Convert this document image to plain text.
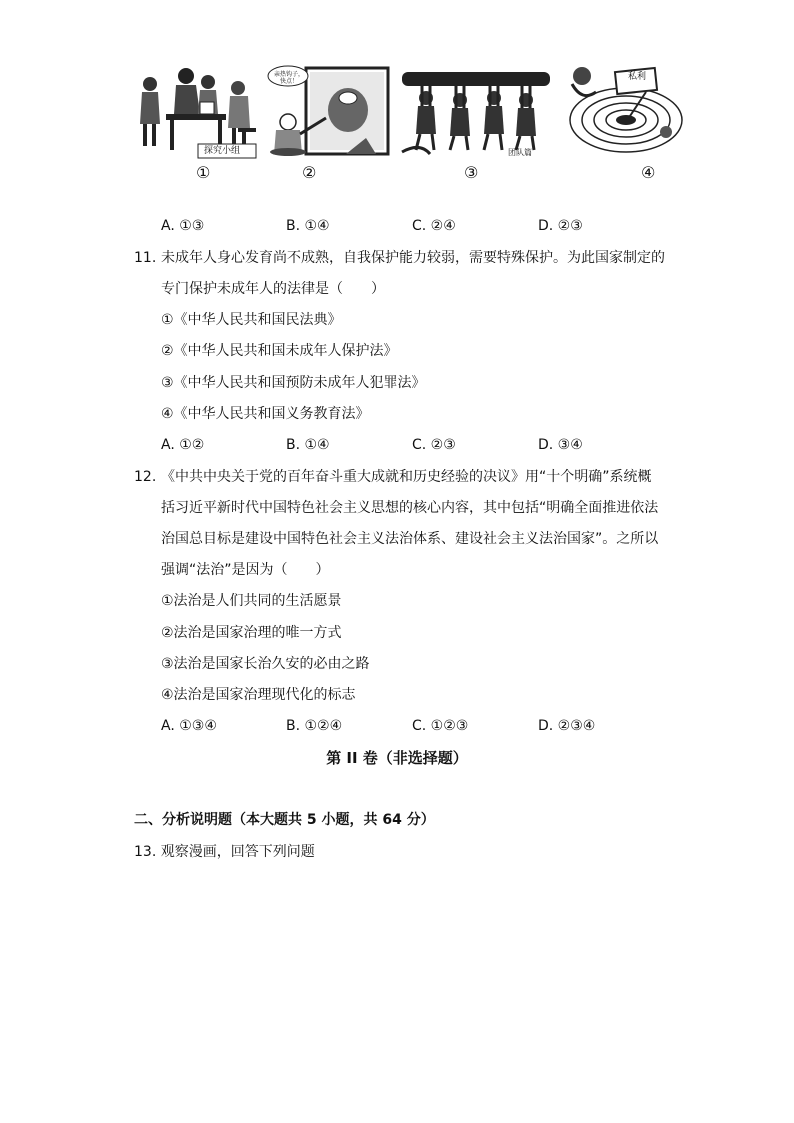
探究小组
亲热钩子，快点！
团队篇
私利
①	②	③	④
A. ①③	B. ①④	C. ②④	D. ②③
11. 未成年人身心发育尚不成熟，自我保护能力较弱，需要特殊保护。为此国家制定的
专门保护未成年人的法律是（　　）
①《中华人民共和国民法典》
②《中华人民共和国未成年人保护法》
③《中华人民共和国预防未成年人犯罪法》
④《中华人民共和国义务教育法》
A. ①②	B. ①④	C. ②③	D. ③④
12. 《中共中央关于党的百年奋斗重大成就和历史经验的决议》用“十个明确”系统概
括习近平新时代中国特色社会主义思想的核心内容，其中包括“明确全面推进依法
治国总目标是建设中国特色社会主义法治体系、建设社会主义法治国家”。之所以
强调“法治”是因为（　　）
①法治是人们共同的生活愿景
②法治是国家治理的唯一方式
③法治是国家长治久安的必由之路
④法治是国家治理现代化的标志
A. ①③④	B. ①②④	C. ①②③	D. ②③④
第 II 卷（非选择题）
二、分析说明题（本大题共 5 小题，共 64 分）
13. 观察漫画，回答下列问题
